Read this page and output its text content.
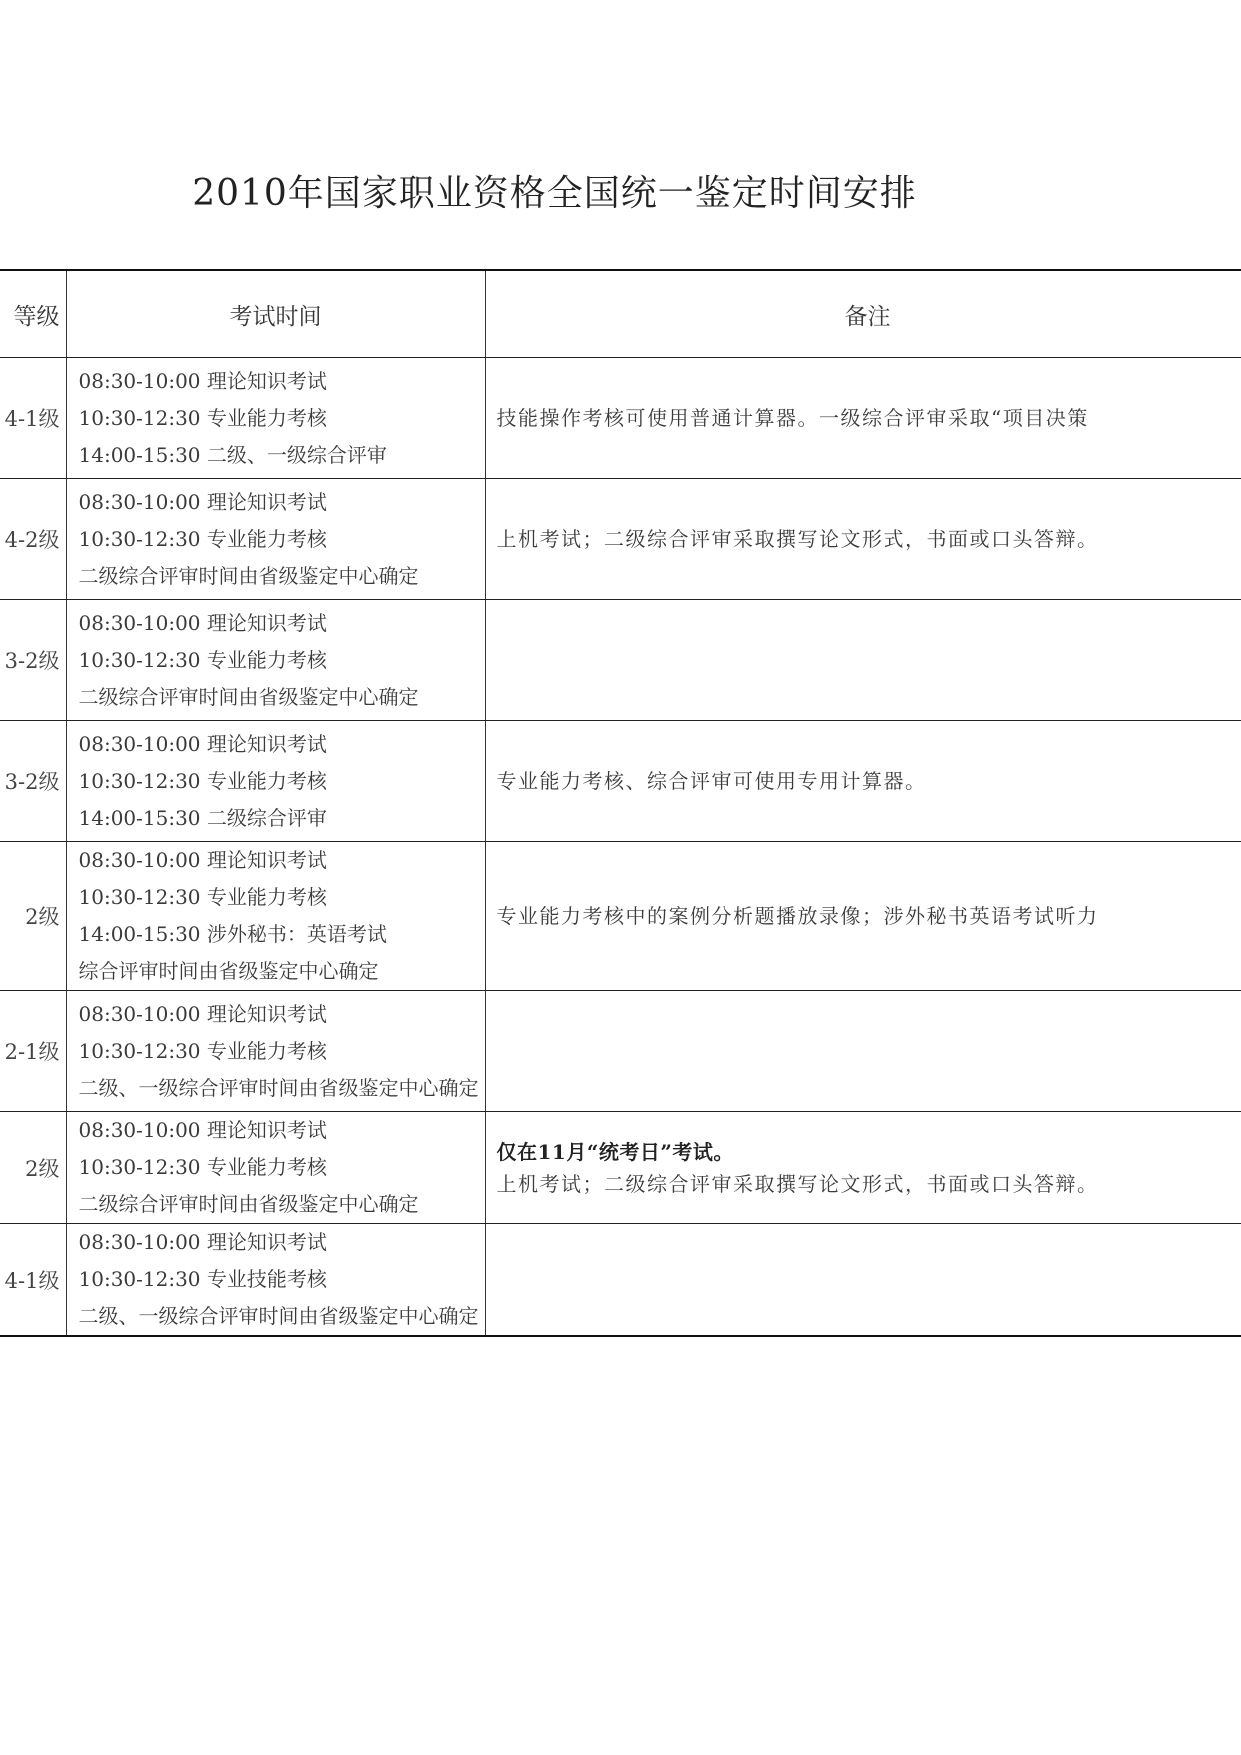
2010年国家职业资格全国统一鉴定时间安排
等级	考试时间	备注
4-1级	08:30-10:00 理论知识考试
10:30-12:30 专业能力考核
14:00-15:30 二级、一级综合评审	技能操作考核可使用普通计算器。一级综合评审采取“项目决策

4-2级	08:30-10:00 理论知识考试
10:30-12:30 专业能力考核
二级综合评审时间由省级鉴定中心确定	上机考试；二级综合评审采取撰写论文形式，书面或口头答辩。

3-2级	08:30-10:00 理论知识考试
10:30-12:30 专业能力考核
二级综合评审时间由省级鉴定中心确定	

3-2级	08:30-10:00 理论知识考试
10:30-12:30 专业能力考核
14:00-15:30 二级综合评审	专业能力考核、综合评审可使用专用计算器。

2级	08:30-10:00 理论知识考试
10:30-12:30 专业能力考核
14:00-15:30 涉外秘书：英语考试
综合评审时间由省级鉴定中心确定	专业能力考核中的案例分析题播放录像；涉外秘书英语考试听力

2-1级	08:30-10:00 理论知识考试
10:30-12:30 专业能力考核
二级、一级综合评审时间由省级鉴定中心确定	

2级	08:30-10:00 理论知识考试
10:30-12:30 专业能力考核
二级综合评审时间由省级鉴定中心确定	仅在11月“统考日”考试。
上机考试；二级综合评审采取撰写论文形式，书面或口头答辩。

4-1级	08:30-10:00 理论知识考试
10:30-12:30 专业技能考核
二级、一级综合评审时间由省级鉴定中心确定	
